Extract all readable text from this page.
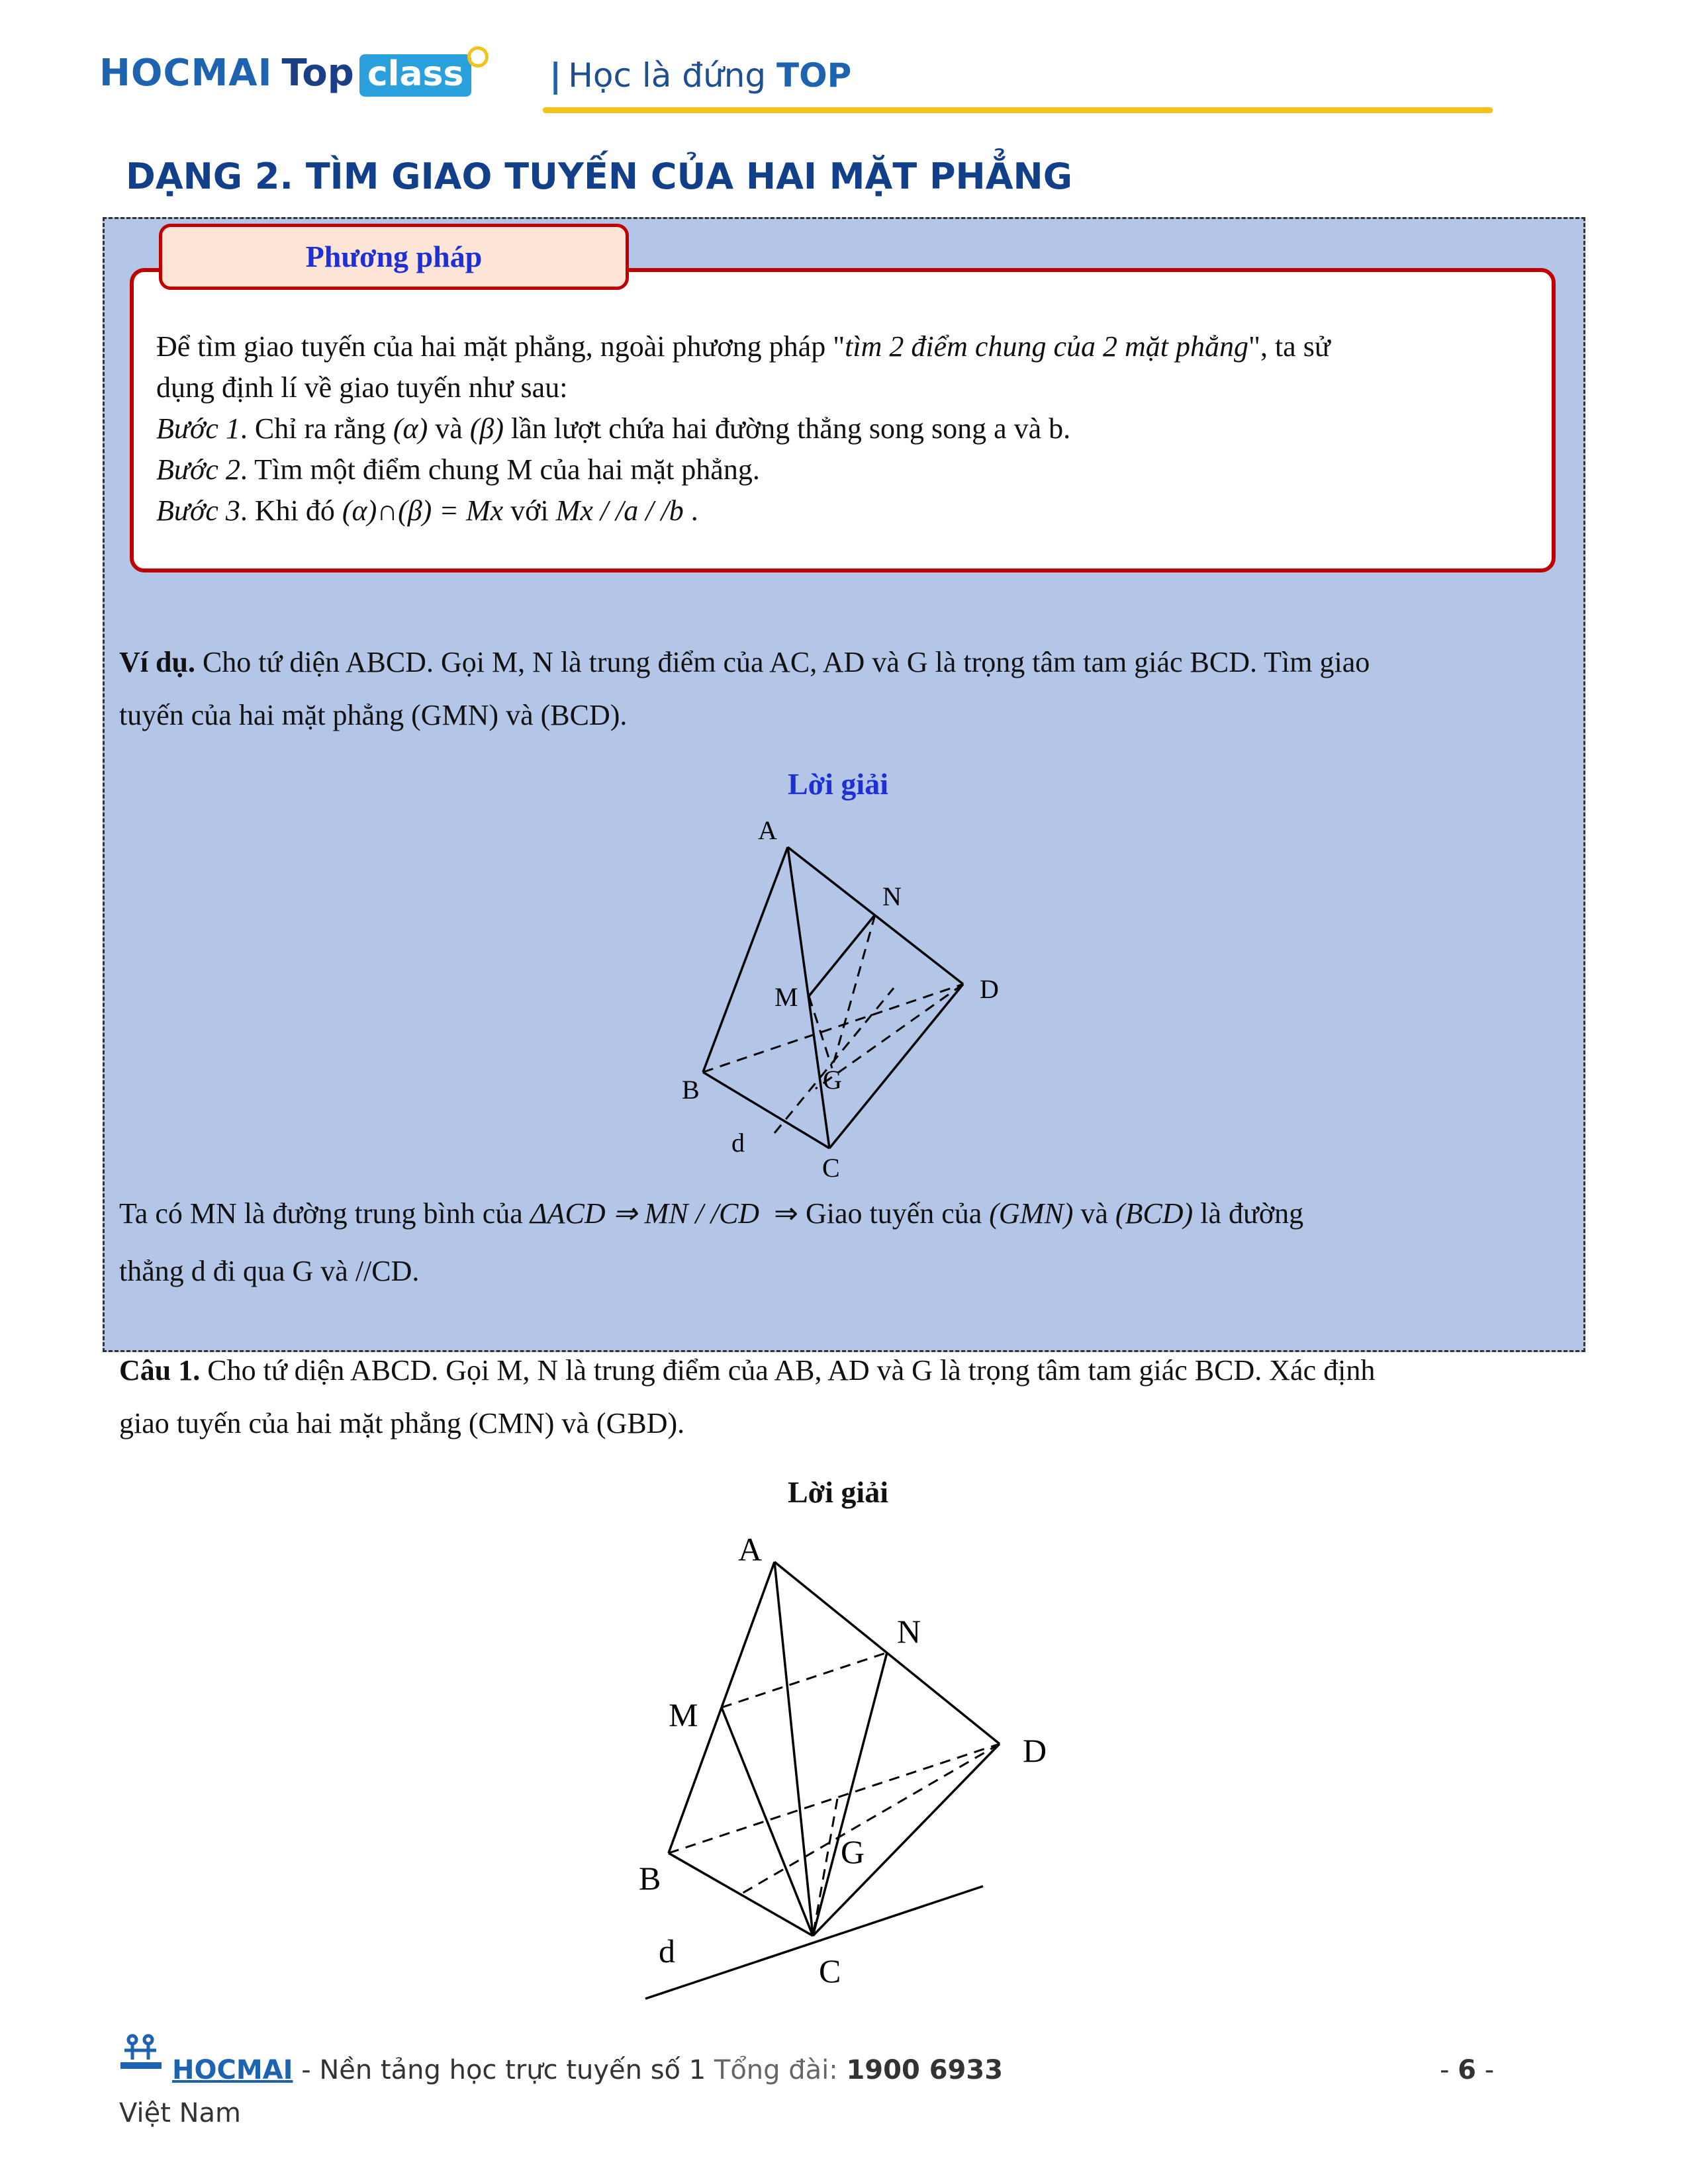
HOCMAI Top class	| Học là đứng TOP
DẠNG 2. TÌM GIAO TUYẾN CỦA HAI MẶT PHẲNG
Phương pháp
Để tìm giao tuyến của hai mặt phẳng, ngoài phương pháp "tìm 2 điểm chung của 2 mặt phẳng", ta sử
dụng định lí về giao tuyến như sau:
Bước 1. Chỉ ra rằng (α) và (β) lần lượt chứa hai đường thẳng song song a và b.
Bước 2. Tìm một điểm chung M của hai mặt phẳng.
Bước 3. Khi đó (α)∩(β) = Mx với Mx / /a / /b .
Ví dụ. Cho tứ diện ABCD. Gọi M, N là trung điểm của AC, AD và G là trọng tâm tam giác BCD. Tìm giao
tuyến của hai mặt phẳng (GMN) và (BCD).
Lời giải
A
N
M	D
B	G
d
C
Ta có MN là đường trung bình của ΔACD ⇒ MN / /CD ⇒ Giao tuyến của (GMN) và (BCD) là đường
thẳng d đi qua G và //CD.
Câu 1. Cho tứ diện ABCD. Gọi M, N là trung điểm của AB, AD và G là trọng tâm tam giác BCD. Xác định
giao tuyến của hai mặt phẳng (CMN) và (GBD).
Lời giải
A
N
M
D
G
B
d
C
HOCMAI - Nền tảng học trực tuyến số 1 Tổng đài: 1900 6933
Việt Nam
- 6 -
